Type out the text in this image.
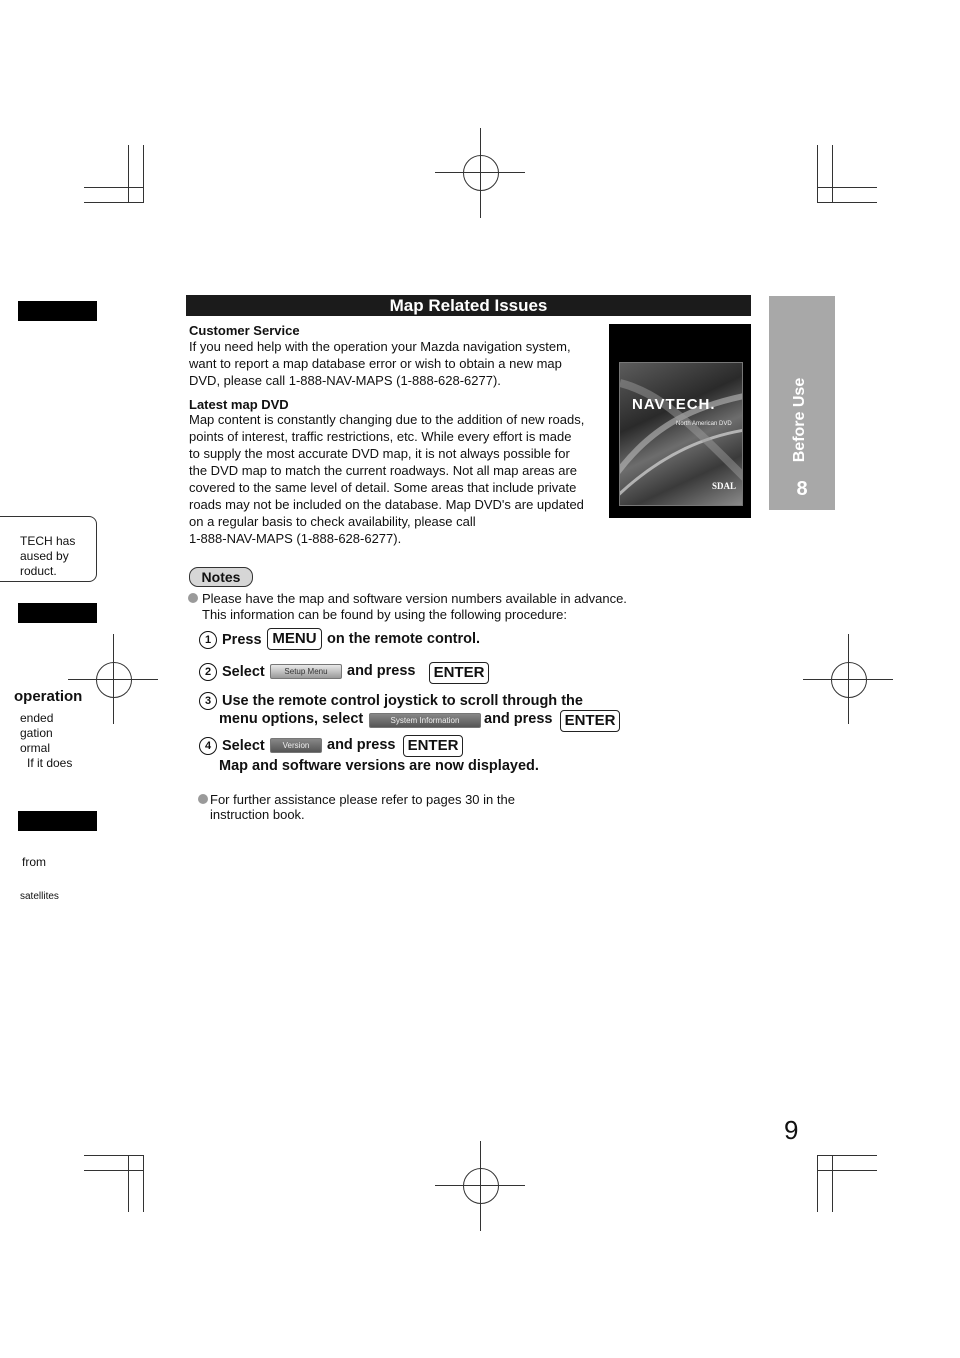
TECH has
aused by
roduct.
operation
ended
gation
ormal
If it does
from
satellites
Map Related Issues
Before Use
8
Customer Service
If you need help with the operation your Mazda navigation system,
want to report a map database error or wish to obtain a new map
DVD, please call 1-888-NAV-MAPS (1-888-628-6277).
Latest map DVD
Map content is constantly changing due to the addition of new roads,
points of interest, traffic restrictions, etc. While every effort is made
to supply the most accurate DVD map, it is not always possible for
the DVD map to match the current roadways. Not all map areas are
covered to the same level of detail. Some areas that include private
roads may not be included on the database. Map DVD's are updated
on a regular basis to check availability, please call
1-888-NAV-MAPS (1-888-628-6277).
NAVTECH.
North American DVD
SDAL
Notes
Please have the map and software version numbers available in advance.
This information can be found by using the following procedure:
1 Press MENU on the remote control.
2 Select	Setup Menu	and press	ENTER
3 Use the remote control joystick to scroll through the
menu options, select	System Information	and press ENTER
4 Select	Version	and press ENTER
Map and software versions are now displayed.
For further assistance please refer to pages 30 in the
instruction book.
9
